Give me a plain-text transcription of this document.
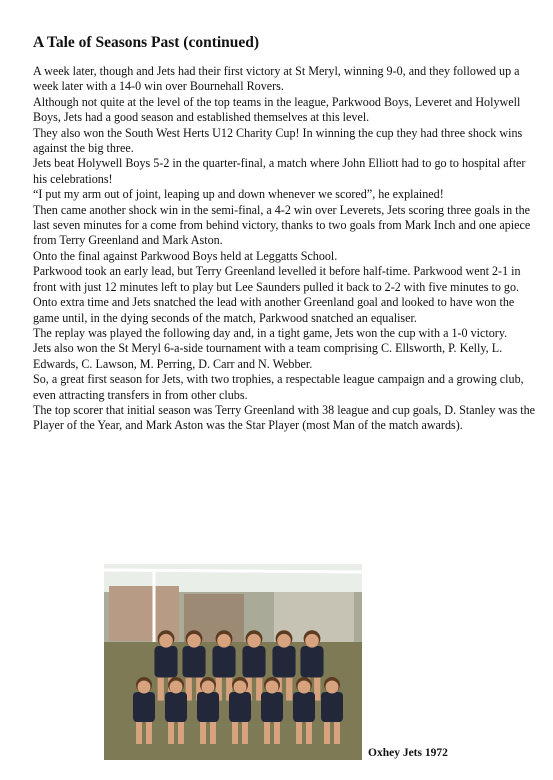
A Tale of Seasons Past (continued)

A week later, though and Jets had their first victory at St Meryl, winning 9-0, and they followed up a week later with a 14-0 win over Bournehall Rovers.

Although not quite at the level of the top teams in the league, Parkwood Boys, Leveret and Holywell Boys, Jets had a good season and established themselves at this level.

They also won the South West Herts U12 Charity Cup! In winning the cup they had three shock wins against the big three.

Jets beat Holywell Boys 5-2 in the quarter-final, a match where John Elliott had to go to hospital after his celebrations!

“I put my arm out of joint, leaping up and down whenever we scored”, he explained!

Then came another shock win in the semi-final, a 4-2 win over Leverets, Jets scoring three goals in the last seven minutes for a come from behind victory, thanks to two goals from Mark Inch and one apiece from Terry Greenland and Mark Aston.

Onto the final against Parkwood Boys held at Leggatts School.

Parkwood took an early lead, but Terry Greenland levelled it before half-time. Parkwood went 2-1 in front with just 12 minutes left to play but Lee Saunders pulled it back to 2-2 with five minutes to go.

Onto extra time and Jets snatched the lead with another Greenland goal and looked to have won the game until, in the dying seconds of the match, Parkwood snatched an equaliser.

The replay was played the following day and, in a tight game, Jets won the cup with a 1-0 victory.

Jets also won the St Meryl 6-a-side tournament with a team comprising C. Ellsworth, P. Kelly, L. Edwards, C. Lawson, M. Perring, D. Carr and N. Webber.

So, a great first season for Jets, with two trophies, a respectable league campaign and a growing club, even attracting transfers in from other clubs.

The top scorer that initial season was Terry Greenland with 38 league and cup goals, D. Stanley was the Player of the Year, and Mark Aston was the Star Player (most Man of the match awards).

Oxhey Jets 1972
